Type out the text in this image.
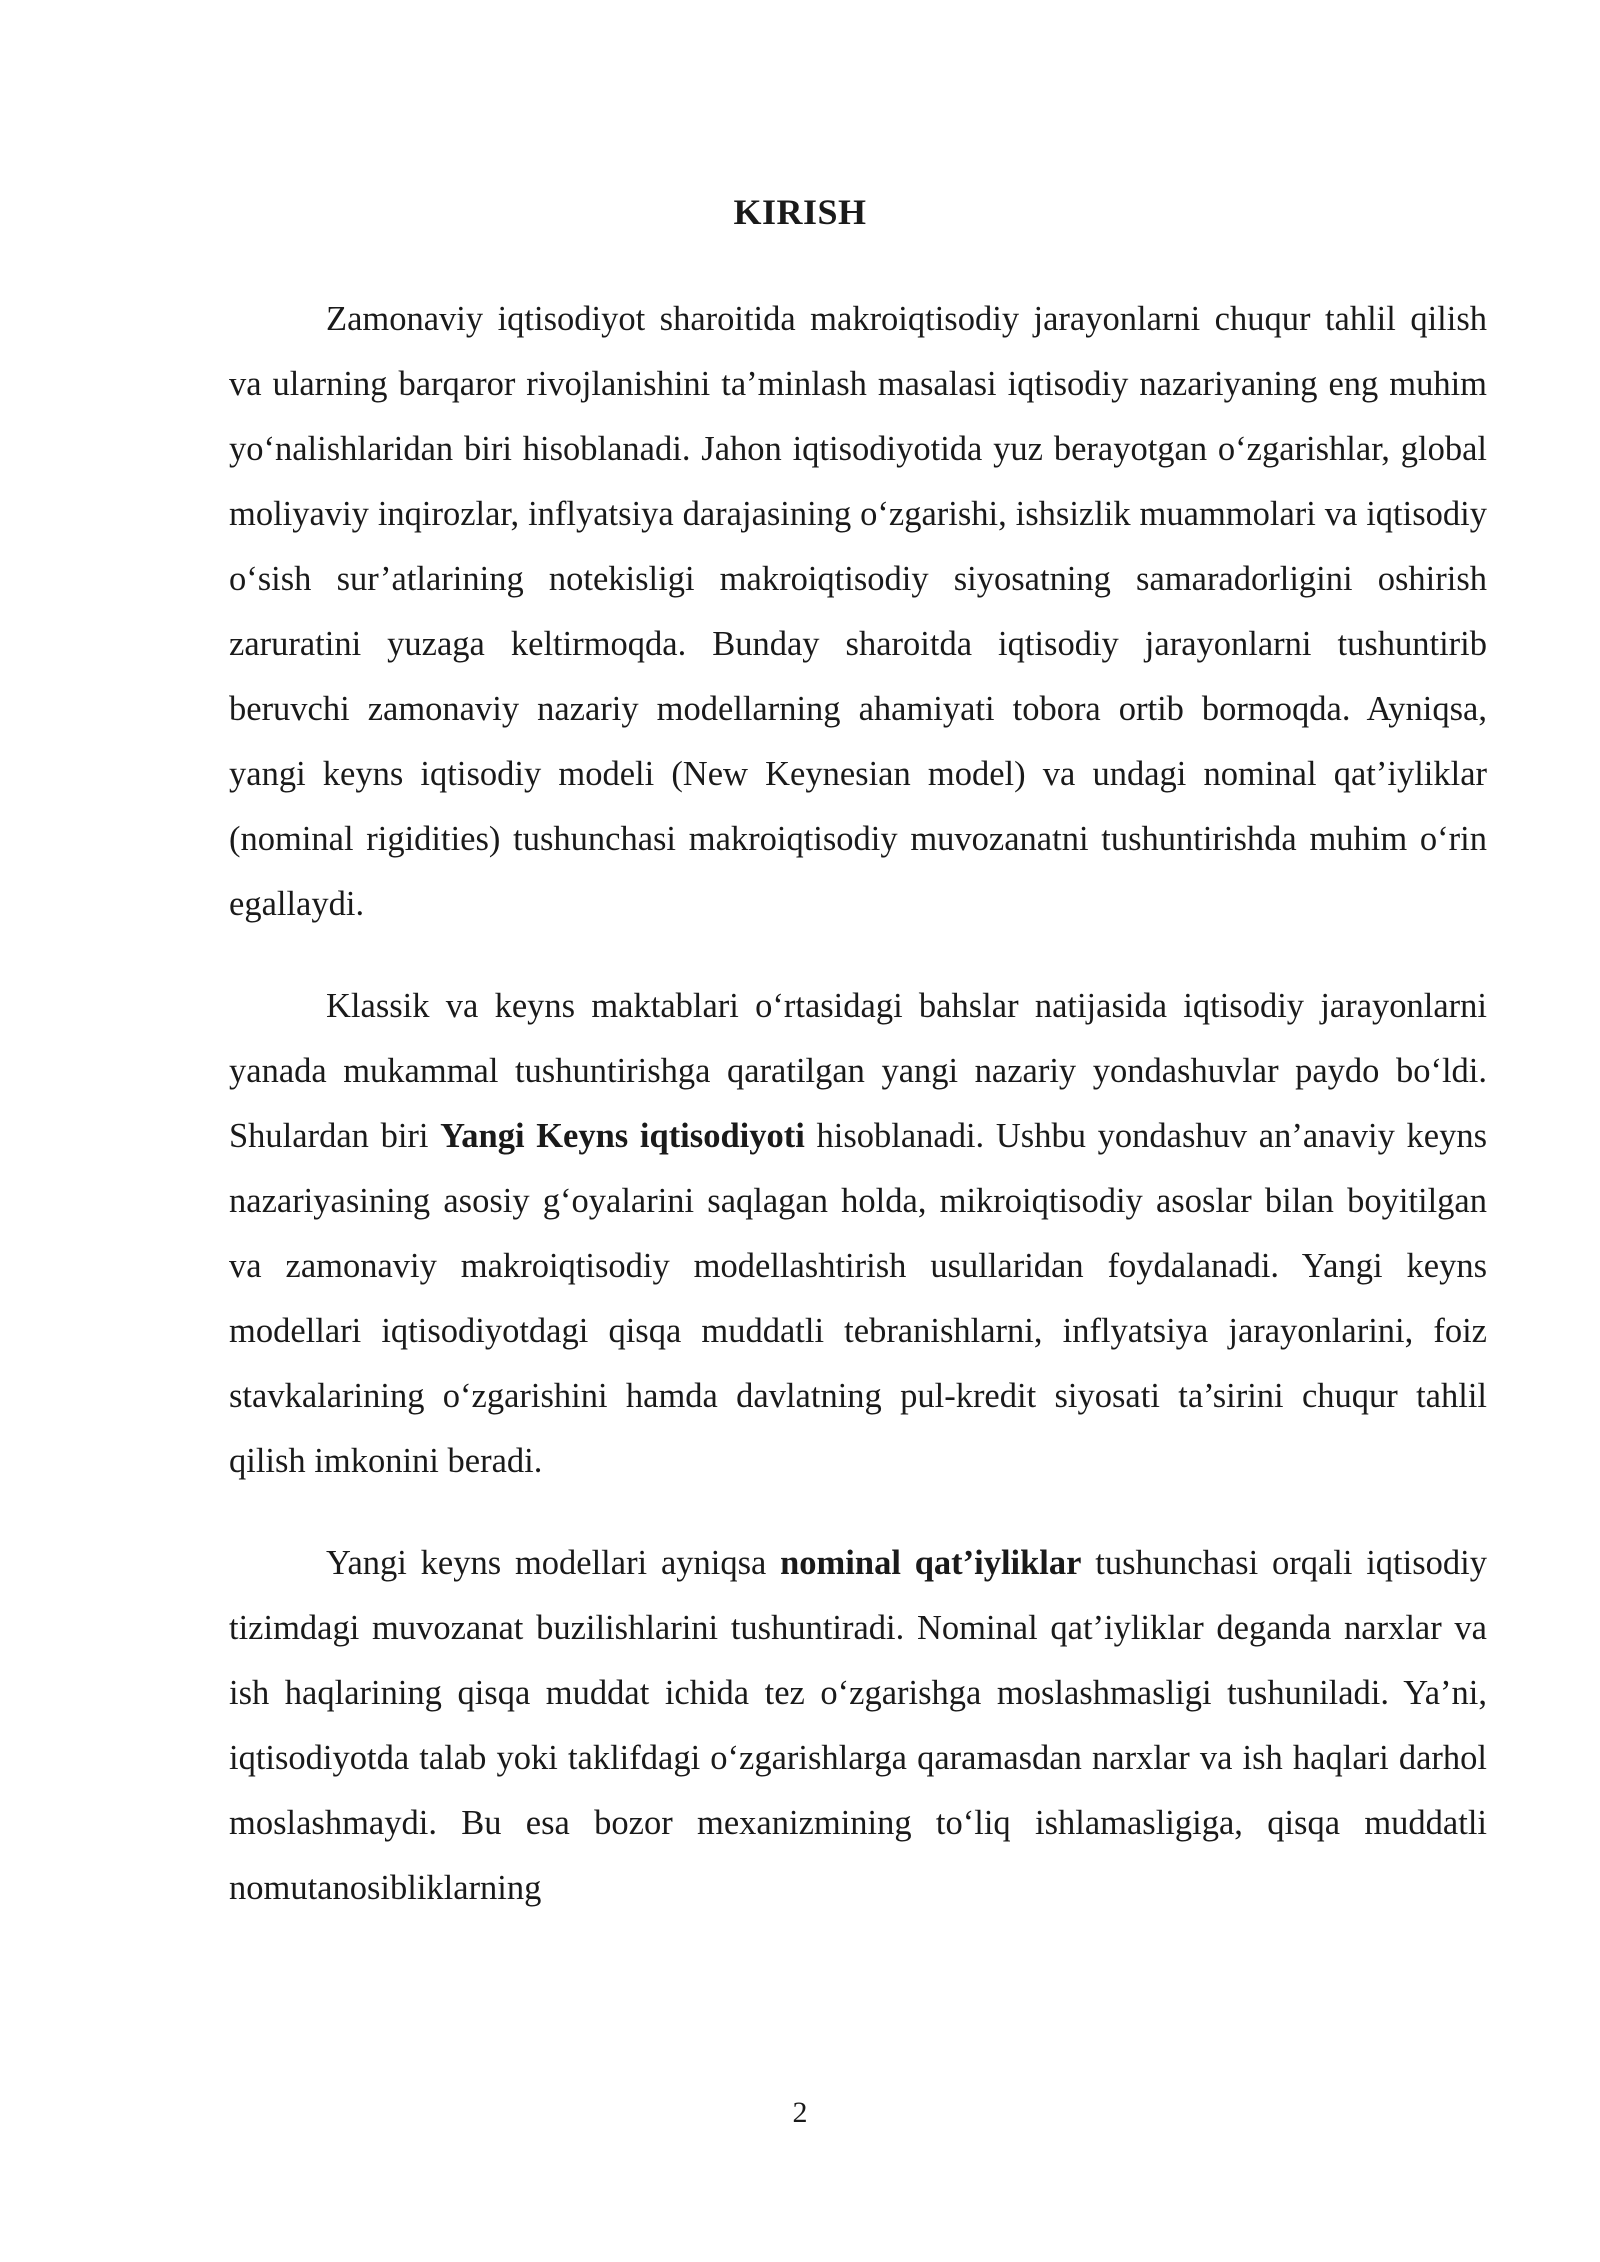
KIRISH

Zamonaviy iqtisodiyot sharoitida makroiqtisodiy jarayonlarni chuqur tahlil qilish va ularning barqaror rivojlanishini ta’minlash masalasi iqtisodiy nazariyaning eng muhim yo‘nalishlaridan biri hisoblanadi. Jahon iqtisodiyotida yuz berayotgan o‘zgarishlar, global moliyaviy inqirozlar, inflyatsiya darajasining o‘zgarishi, ishsizlik muammolari va iqtisodiy o‘sish sur’atlarining notekisligi makroiqtisodiy siyosatning samaradorligini oshirish zaruratini yuzaga keltirmoqda. Bunday sharoitda iqtisodiy jarayonlarni tushuntirib beruvchi zamonaviy nazariy modellarning ahamiyati tobora ortib bormoqda. Ayniqsa, yangi keyns iqtisodiy modeli (New Keynesian model) va undagi nominal qat’iyliklar (nominal rigidities) tushunchasi makroiqtisodiy muvozanatni tushuntirishda muhim o‘rin egallaydi.

Klassik va keyns maktablari o‘rtasidagi bahslar natijasida iqtisodiy jarayonlarni yanada mukammal tushuntirishga qaratilgan yangi nazariy yondashuvlar paydo bo‘ldi. Shulardan biri Yangi Keyns iqtisodiyoti hisoblanadi. Ushbu yondashuv an’anaviy keyns nazariyasining asosiy g‘oyalarini saqlagan holda, mikroiqtisodiy asoslar bilan boyitilgan va zamonaviy makroiqtisodiy modellashtirish usullaridan foydalanadi. Yangi keyns modellari iqtisodiyotdagi qisqa muddatli tebranishlarni, inflyatsiya jarayonlarini, foiz stavkalarining o‘zgarishini hamda davlatning pul-kredit siyosati ta’sirini chuqur tahlil qilish imkonini beradi.

Yangi keyns modellari ayniqsa nominal qat’iyliklar tushunchasi orqali iqtisodiy tizimdagi muvozanat buzilishlarini tushuntiradi. Nominal qat’iyliklar deganda narxlar va ish haqlarining qisqa muddat ichida tez o‘zgarishga moslashmasligi tushuniladi. Ya’ni, iqtisodiyotda talab yoki taklifdagi o‘zgarishlarga qaramasdan narxlar va ish haqlari darhol moslashmaydi. Bu esa bozor mexanizmining to‘liq ishlamasligiga, qisqa muddatli nomutanosibliklarning

2
